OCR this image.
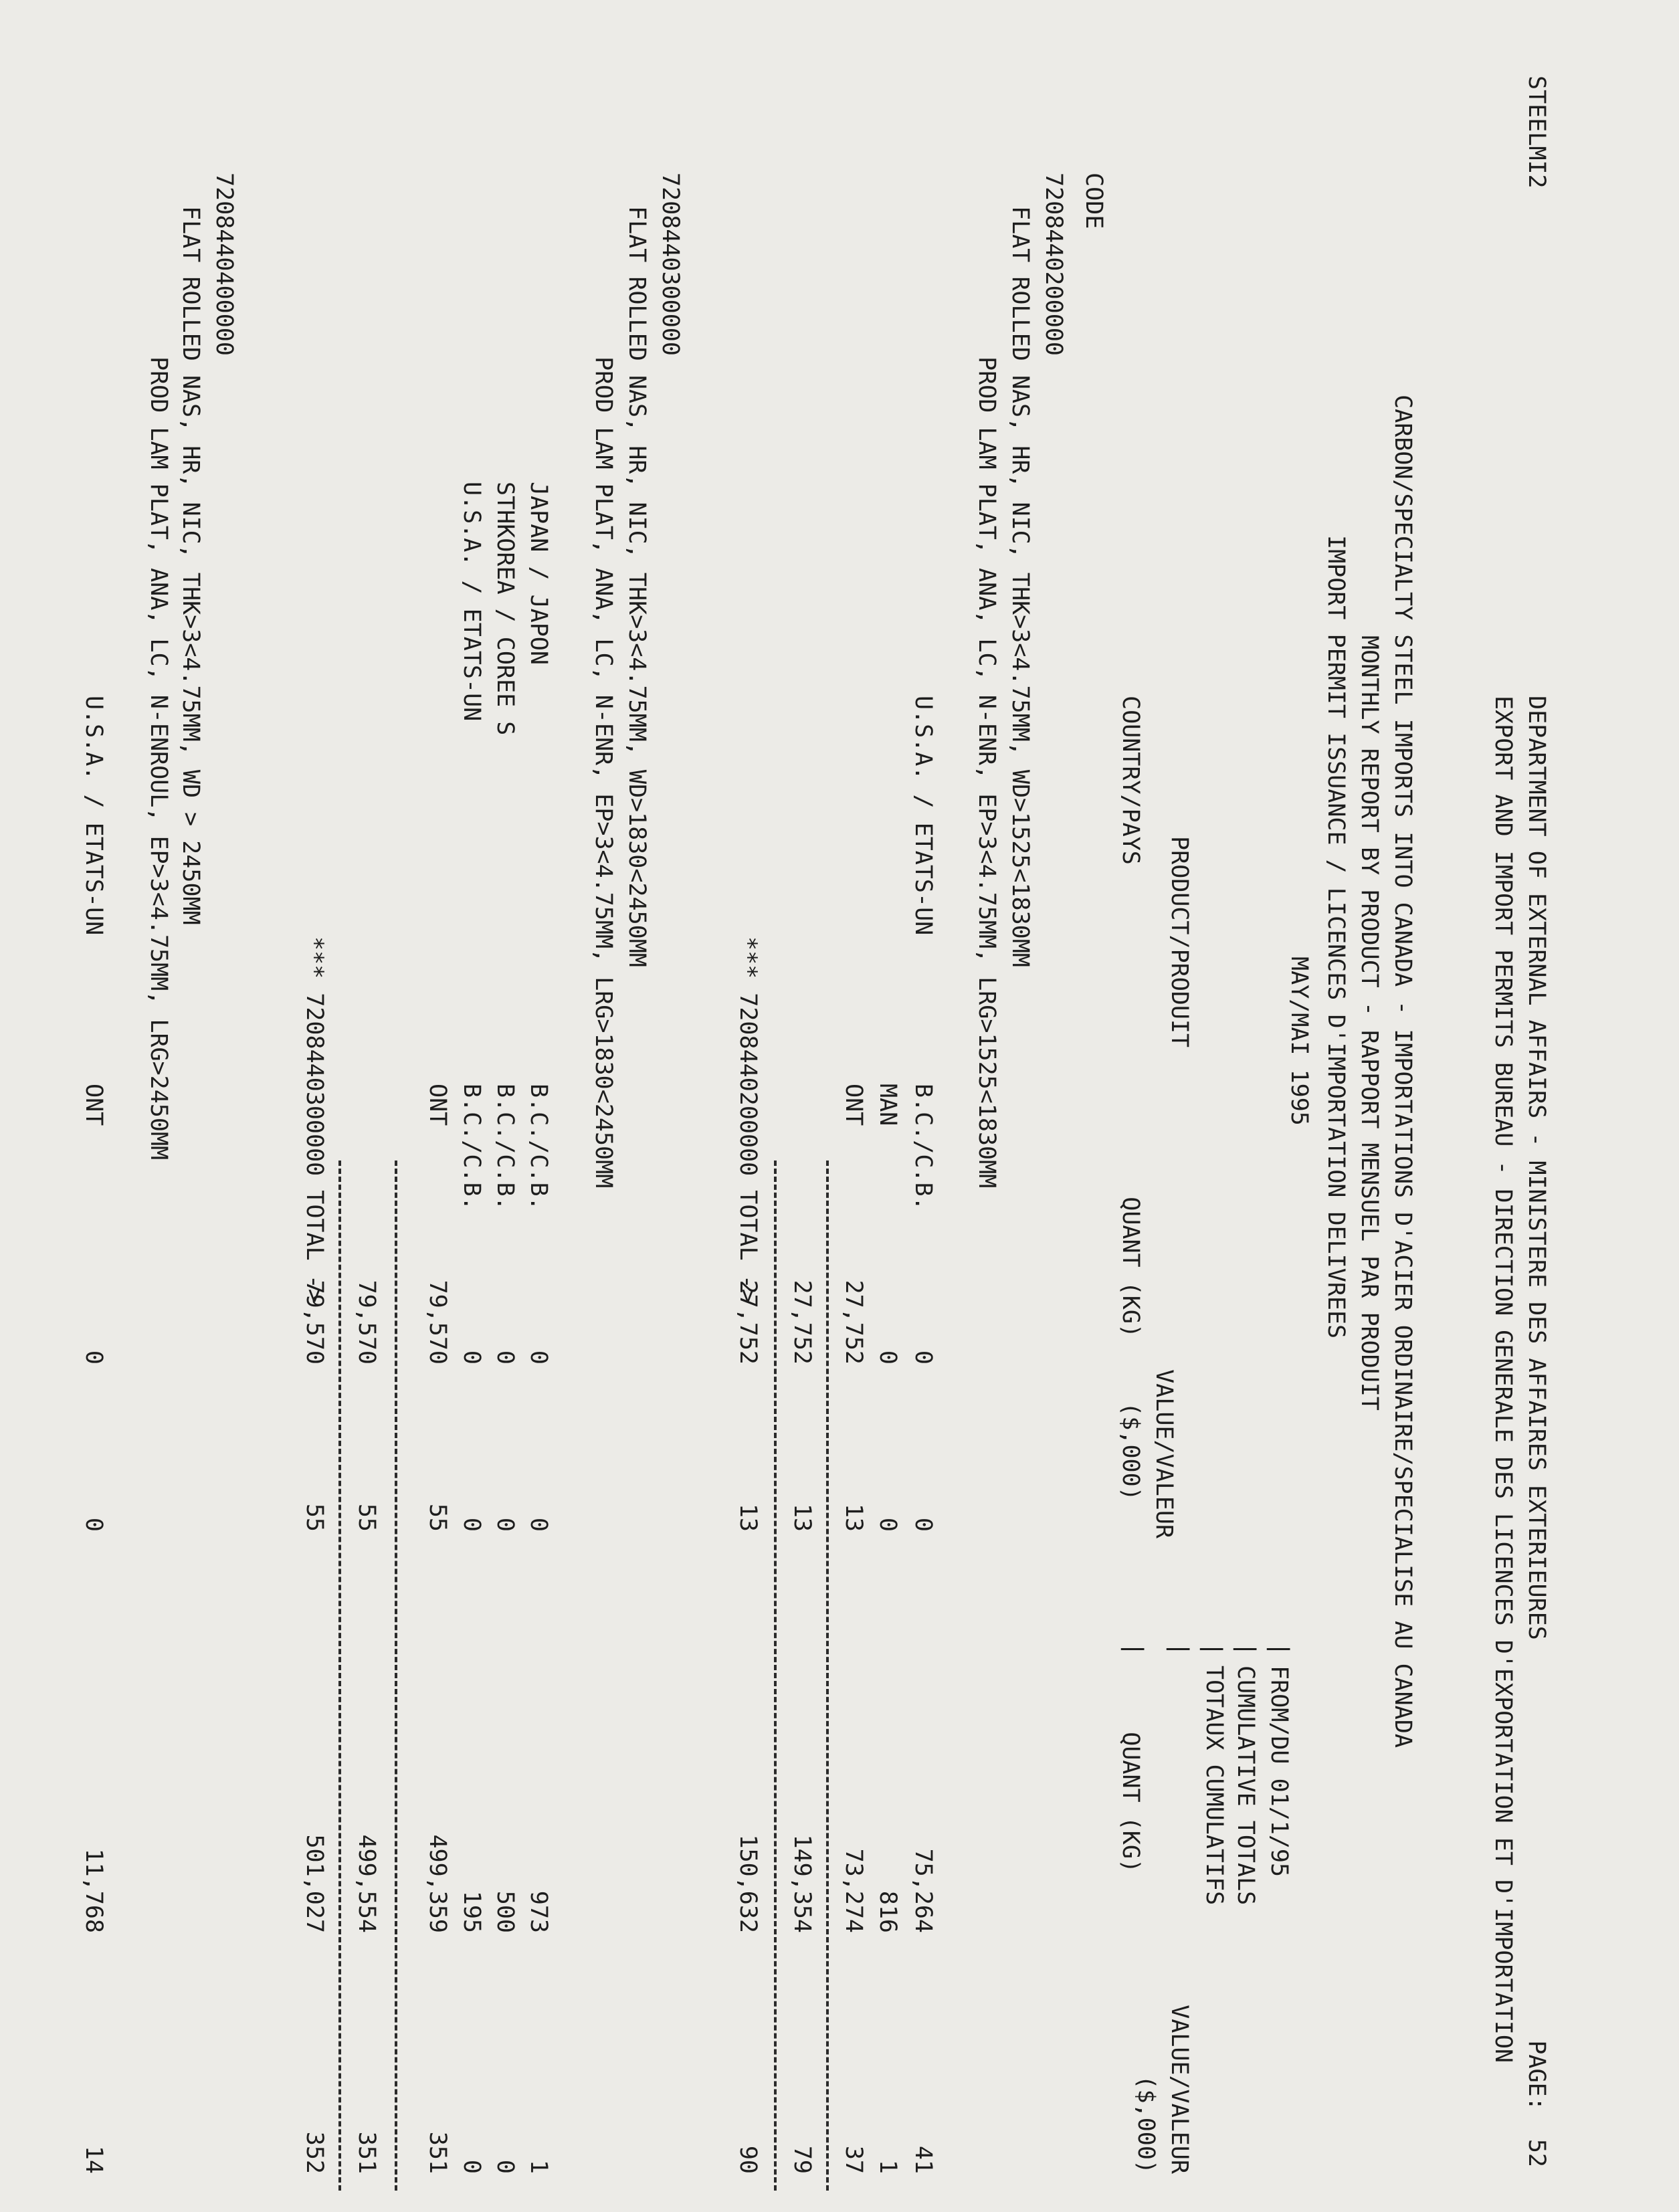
STEELMI2
DEPARTMENT OF EXTERNAL AFFAIRS - MINISTERE DES AFFAIRES EXTERIEURES
PAGE:  52
EXPORT AND IMPORT PERMITS BUREAU - DIRECTION GENERALE DES LICENCES D'EXPORTATION ET D'IMPORTATION
CARBON/SPECIALTY STEEL IMPORTS INTO CANADA - IMPORTATIONS D'ACIER ORDINAIRE/SPECIALISE AU CANADA
MONTHLY REPORT BY PRODUCT - RAPPORT MENSUEL PAR PRODUIT
IMPORT PERMIT ISSUANCE / LICENCES D'IMPORTATION DELIVREES
MAY/MAI 1995
FROM/DU 01/1/95
CUMULATIVE TOTALS
TOTAUX CUMULATIFS
VALUE/VALEUR
VALUE/VALEUR
|	|
|
|
|
PRODUCT/PRODUIT
($,000)
($,000)
QUANT (KG)
COUNTRY/PAYS
QUANT (KG)
CODE
7208440200000
FLAT ROLLED NAS, HR, NIC, THK>3<4.75MM, WD>1525<1830MM
PROD LAM PLAT, ANA, LC, N-ENR, EP>3<4.75MM, LRG>1525<1830MM
U.S.A. / ETATS-UN
B.C./C.B.
0
0
75,264
41
MAN
0
0
816
1
ONT
27,752
13
73,274
37
27,752
13
149,354
79
*** 7208440200000 TOTAL ->
27,752
13
150,632
90
7208440300000
FLAT ROLLED NAS, HR, NIC, THK>3<4.75MM, WD>1830<2450MM
PROD LAM PLAT, ANA, LC, N-ENR, EP>3<4.75MM, LRG>1830<2450MM
JAPAN / JAPON
B.C./C.B.
0
0
973
1
STHKOREA / COREE S
B.C./C.B.
0
0
500
0
U.S.A. / ETATS-UN
B.C./C.B.
0
0
195
0
ONT
79,570
55
499,359
351
79,570
55
499,554
351
*** 7208440300000 TOTAL ->
79,570
55
501,027
352
7208440400000
FLAT ROLLED NAS, HR, NIC, THK>3<4.75MM, WD > 2450MM
PROD LAM PLAT, ANA, LC, N-ENROUL, EP>3<4.75MM, LRG>2450MM
U.S.A. / ETATS-UN
ONT
0
0
11,768
14
